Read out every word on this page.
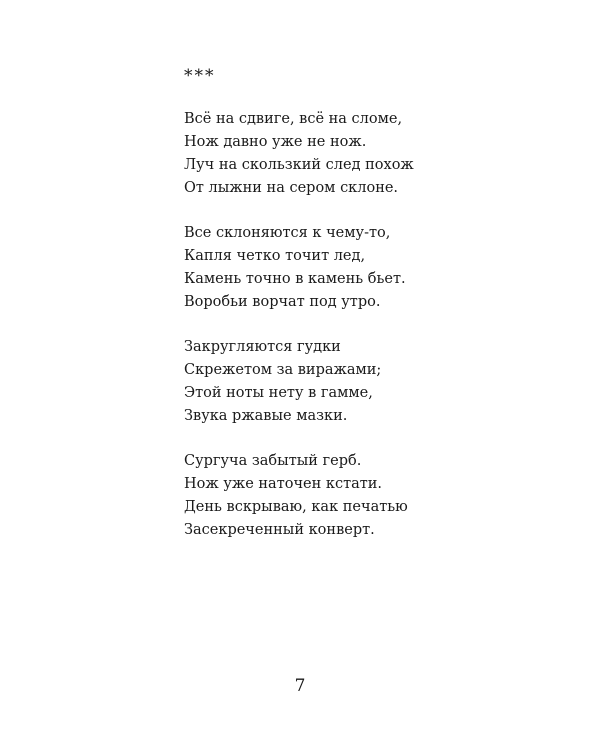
***
Всё на сдвиге, всё на сломе,
Нож давно уже не нож.
Луч на скользкий след похож
От лыжни на сером склоне.
Все склоняются к чему-то,
Капля четко точит лед,
Камень точно в камень бьет.
Воробьи ворчат под утро.
Закругляются гудки
Скрежетом за виражами;
Этой ноты нету в гамме,
Звука ржавые мазки.
Сургуча забытый герб.
Нож уже наточен кстати.
День вскрываю, как печатью
Засекреченный конверт.
7
